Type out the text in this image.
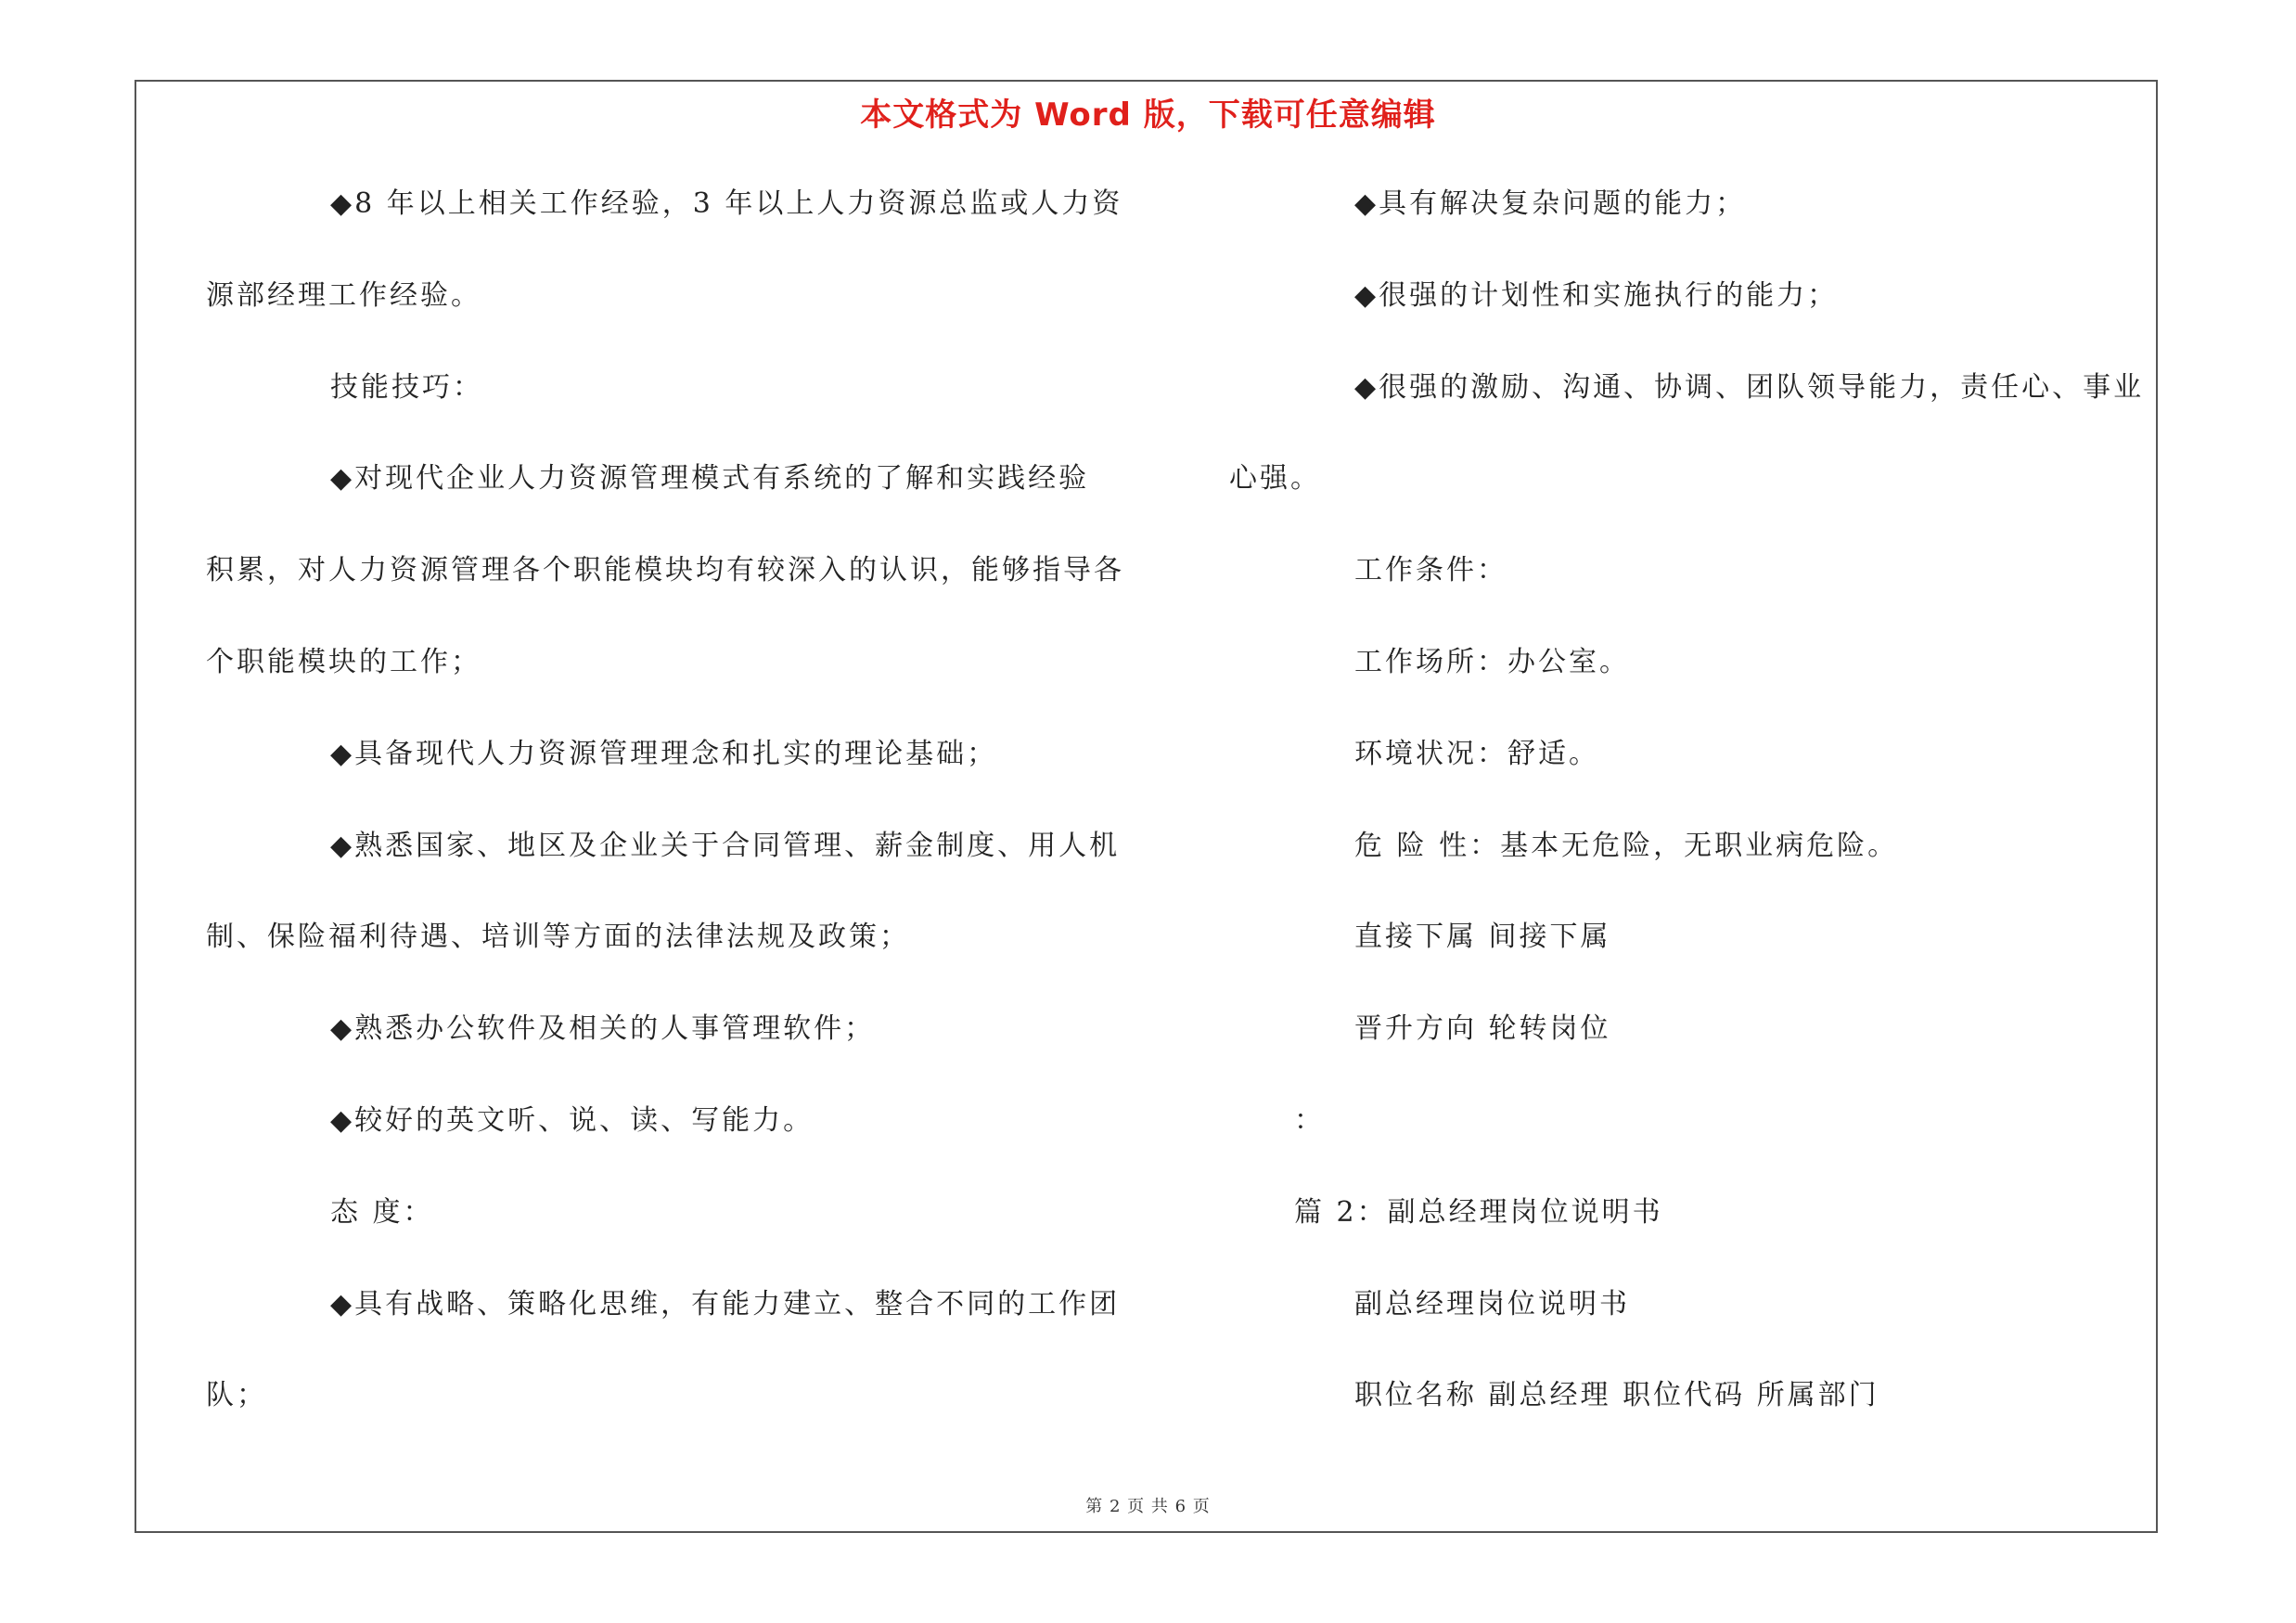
本文格式为 Word 版，下载可任意编辑
◆8 年以上相关工作经验，3 年以上人力资源总监或人力资
源部经理工作经验。
技能技巧：
◆对现代企业人力资源管理模式有系统的了解和实践经验
积累，对人力资源管理各个职能模块均有较深入的认识，能够指导各
个职能模块的工作；
◆具备现代人力资源管理理念和扎实的理论基础；
◆熟悉国家、地区及企业关于合同管理、薪金制度、用人机
制、保险福利待遇、培训等方面的法律法规及政策；
◆熟悉办公软件及相关的人事管理软件；
◆较好的英文听、说、读、写能力。
态 度：
◆具有战略、策略化思维，有能力建立、整合不同的工作团
队；
◆具有解决复杂问题的能力；
◆很强的计划性和实施执行的能力；
◆很强的激励、沟通、协调、团队领导能力，责任心、事业
心强。
工作条件：
工作场所：办公室。
环境状况：舒适。
危 险 性：基本无危险，无职业病危险。
直接下属 间接下属
晋升方向 轮转岗位
：
篇 2：副总经理岗位说明书
副总经理岗位说明书
职位名称 副总经理 职位代码 所属部门
第 2 页 共 6 页
